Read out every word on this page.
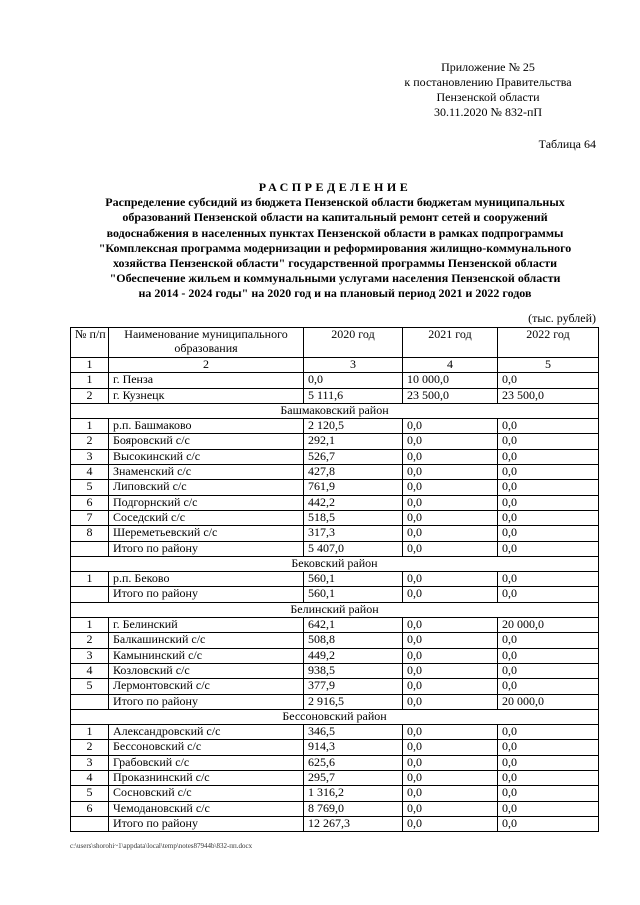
Приложение № 25
к постановлению Правительства
Пензенской области
30.11.2020 № 832-пП
Таблица 64
РАСПРЕДЕЛЕНИЕ
Распределение субсидий из бюджета Пензенской области бюджетам муниципальных
образований Пензенской области на капитальный ремонт сетей и сооружений
водоснабжения в населенных пунктах Пензенской области в рамках подпрограммы
"Комплексная программа модернизации и реформирования жилищно-коммунального
хозяйства Пензенской области" государственной программы Пензенской области
"Обеспечение жильем и коммунальными услугами населения Пензенской области
на 2014 - 2024 годы" на 2020 год и на плановый период 2021 и 2022 годов
(тыс. рублей)
№ п/п	Наименование муниципального образования	2020 год	2021 год	2022 год
1	2	3	4	5
1	г. Пенза	0,0	10 000,0	0,0
2	г. Кузнецк	5 111,6	23 500,0	23 500,0
Башмаковский район				
1	р.п. Башмаково	2 120,5	0,0	0,0
2	Бояровский с/с	292,1	0,0	0,0
3	Высокинский с/с	526,7	0,0	0,0
4	Знаменский с/с	427,8	0,0	0,0
5	Липовский с/с	761,9	0,0	0,0
6	Подгорнский с/с	442,2	0,0	0,0
7	Соседский с/с	518,5	0,0	0,0
8	Шереметьевский с/с	317,3	0,0	0,0
	Итого по району	5 407,0	0,0	0,0
Бековский район				
1	р.п. Беково	560,1	0,0	0,0
	Итого по району	560,1	0,0	0,0
Белинский район				
1	г. Белинский	642,1	0,0	20 000,0
2	Балкашинский с/с	508,8	0,0	0,0
3	Камынинский с/с	449,2	0,0	0,0
4	Козловский с/с	938,5	0,0	0,0
5	Лермонтовский с/с	377,9	0,0	0,0
	Итого по району	2 916,5	0,0	20 000,0
Бессоновский район				
1	Александровский с/с	346,5	0,0	0,0
2	Бессоновский с/с	914,3	0,0	0,0
3	Грабовский с/с	625,6	0,0	0,0
4	Проказнинский с/с	295,7	0,0	0,0
5	Сосновский с/с	1 316,2	0,0	0,0
6	Чемодановский с/с	8 769,0	0,0	0,0
	Итого по району	12 267,3	0,0	0,0
c:\users\shorohi~1\appdata\local\temp\notes87944b\832-пп.docx
